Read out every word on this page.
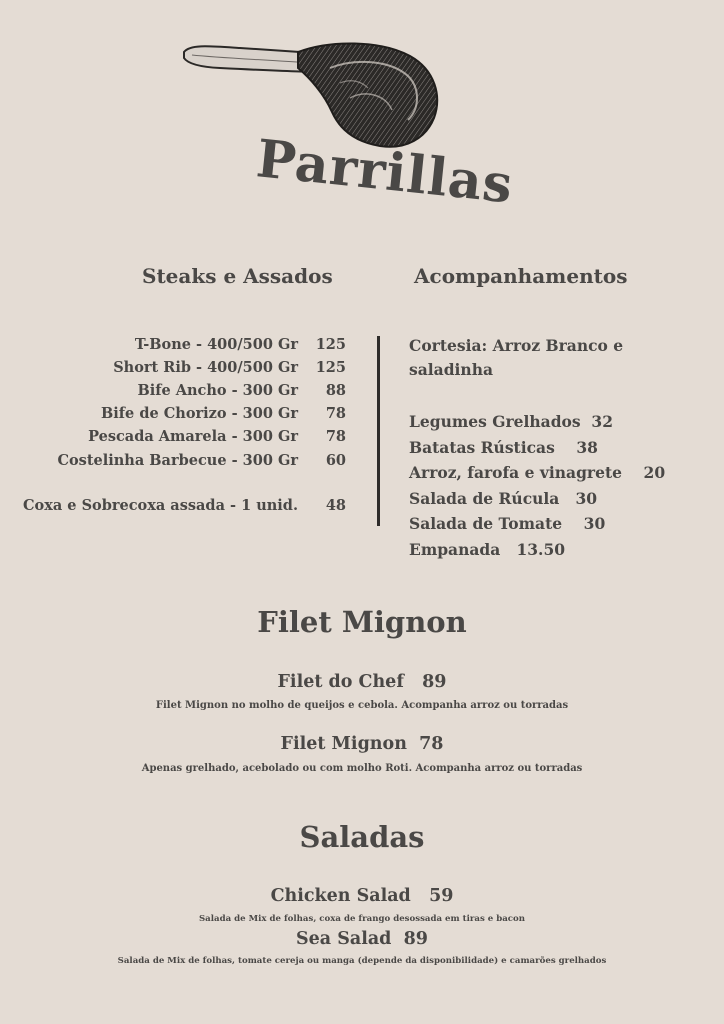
Parrillas
Steaks e Assados	Acompanhamentos
T-Bone - 400/500 Gr	125
Short Rib - 400/500 Gr	125
Bife Ancho - 300 Gr	88
Bife de Chorizo - 300 Gr	78
Pescada Amarela - 300 Gr	78
Costelinha Barbecue - 300 Gr	60
Coxa e Sobrecoxa assada - 1 unid.	48
Cortesia: Arroz Branco e
saladinha
Legumes Grelhados  32
Batatas Rústicas    38
Arroz, farofa e vinagrete    20
Salada de Rúcula   30
Salada de Tomate    30
Empanada   13.50
Filet Mignon
Filet do Chef   89
Filet Mignon no molho de queijos e cebola. Acompanha arroz ou torradas
Filet Mignon  78
Apenas grelhado, acebolado ou com molho Roti. Acompanha arroz ou torradas
Saladas
Chicken Salad   59
Salada de Mix de folhas, coxa de frango desossada em tiras e bacon
Sea Salad  89
Salada de Mix de folhas, tomate cereja ou manga (depende da disponibilidade) e camarões grelhados
